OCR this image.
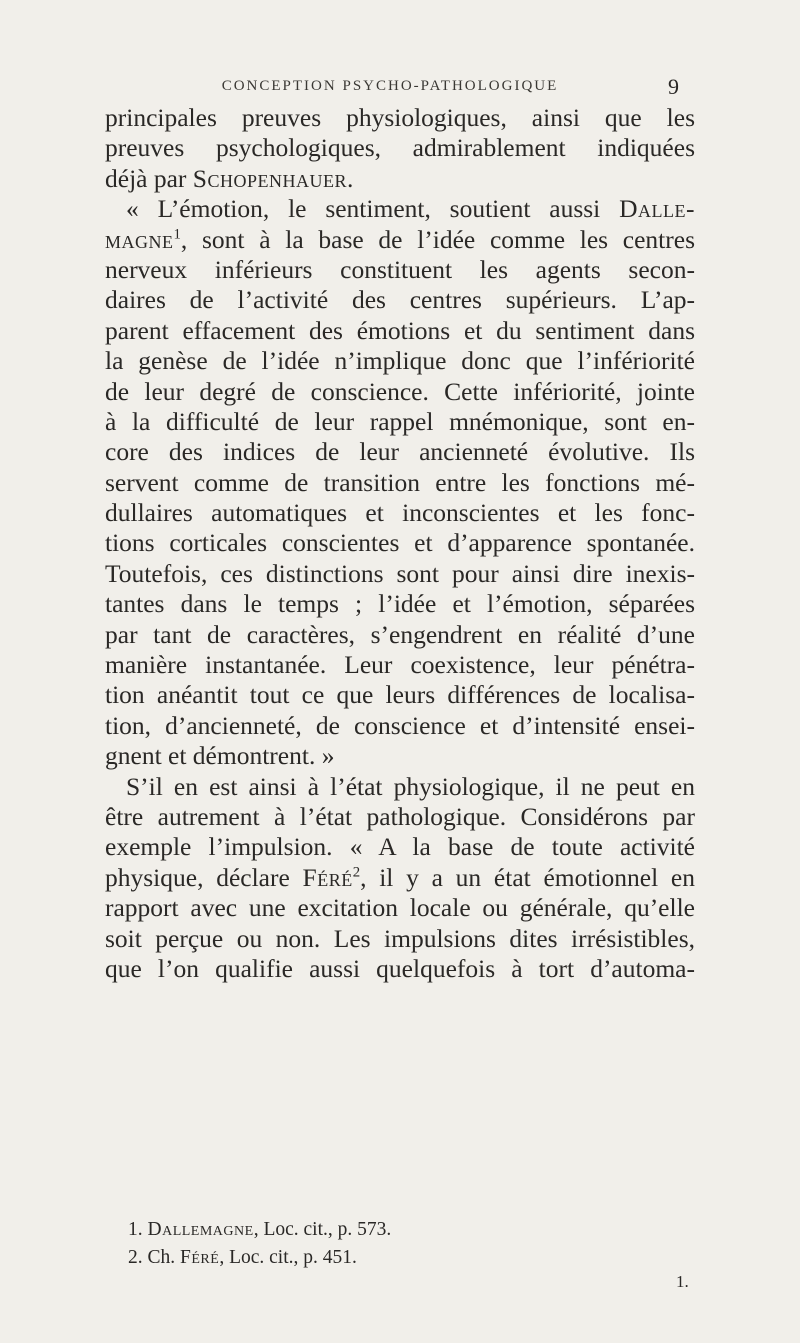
CONCEPTION PSYCHO-PATHOLOGIQUE	9
principales preuves physiologiques, ainsi que les
preuves psychologiques, admirablement indiquées
déjà par Schopenhauer.
« L’émotion, le sentiment, soutient aussi Dalle-
magne$^1$, sont à la base de l’idée comme les centres
nerveux inférieurs constituent les agents secon-
daires de l’activité des centres supérieurs. L’ap-
parent effacement des émotions et du sentiment dans
la genèse de l’idée n’implique donc que l’infériorité
de leur degré de conscience. Cette infériorité, jointe
à la difficulté de leur rappel mnémonique, sont en-
core des indices de leur ancienneté évolutive. Ils
servent comme de transition entre les fonctions mé-
dullaires automatiques et inconscientes et les fonc-
tions corticales conscientes et d’apparence spontanée.
Toutefois, ces distinctions sont pour ainsi dire inexis-
tantes dans le temps ; l’idée et l’émotion, séparées
par tant de caractères, s’engendrent en réalité d’une
manière instantanée. Leur coexistence, leur pénétra-
tion anéantit tout ce que leurs différences de localisa-
tion, d’ancienneté, de conscience et d’intensité ensei-
gnent et démontrent. »
S’il en est ainsi à l’état physiologique, il ne peut en
être autrement à l’état pathologique. Considérons par
exemple l’impulsion. « A la base de toute activité
physique, déclare Féré$^2$, il y a un état émotionnel en
rapport avec une excitation locale ou générale, qu’elle
soit perçue ou non. Les impulsions dites irrésistibles,
que l’on qualifie aussi quelquefois à tort d’automa-
1. Dallemagne, Loc. cit., p. 573.
2. Ch. Féré, Loc. cit., p. 451.
1.
